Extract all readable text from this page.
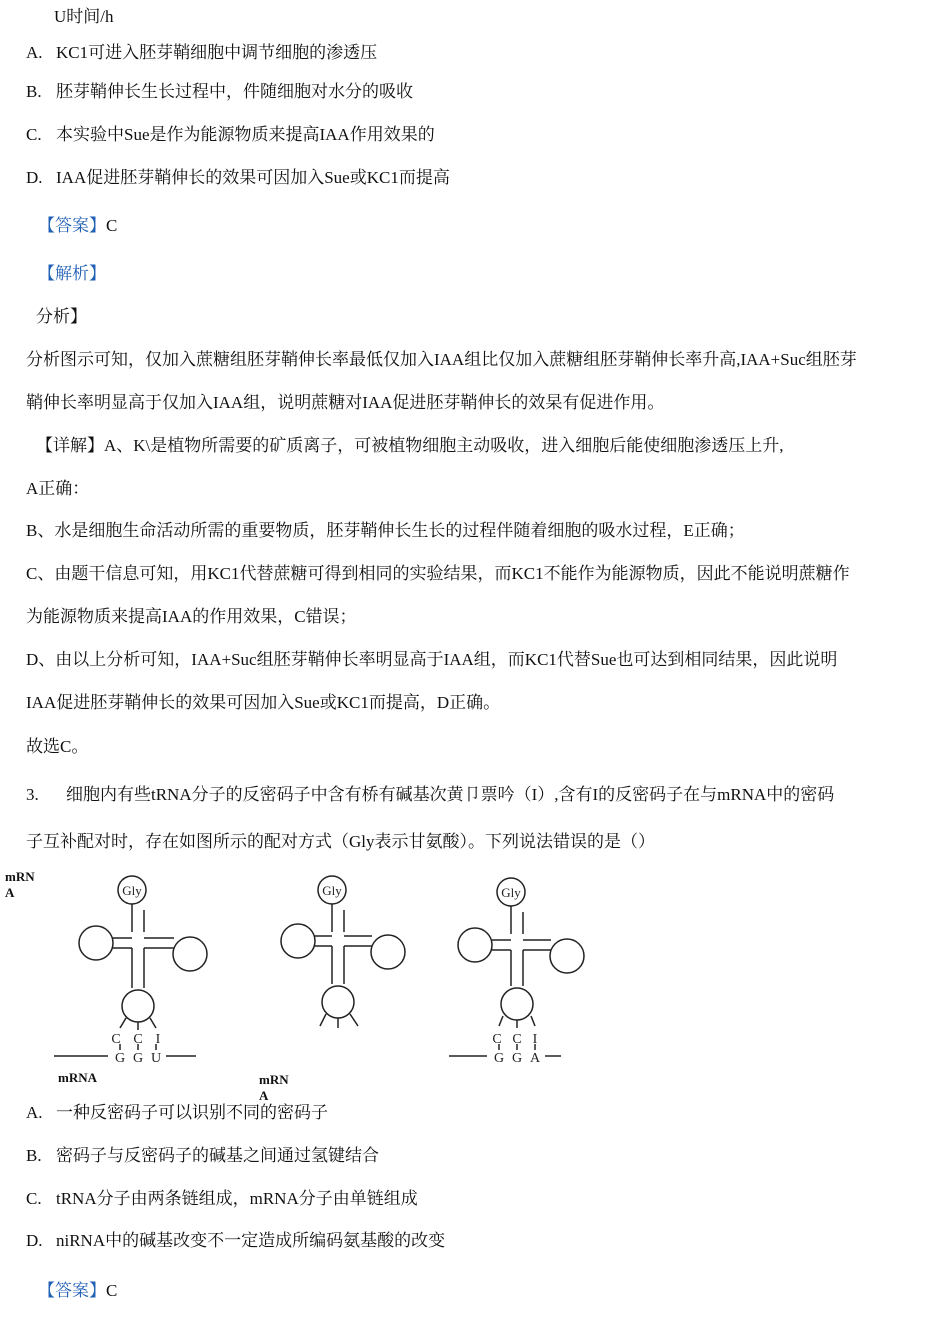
U时间/h
A. KC1可进入胚芽鞘细胞中调节细胞的渗透压
B. 胚芽鞘伸长生长过程中，件随细胞对水分的吸收
C. 本实验中Sue是作为能源物质来提高IAA作用效果的
D. IAA促进胚芽鞘伸长的效果可因加入Sue或KC1而提高
【答案】C
【解析】
分析】
分析图示可知，仅加入蔗糖组胚芽鞘伸长率最低仅加入IAA组比仅加入蔗糖组胚芽鞘伸长率升高,IAA+Suc组胚芽
鞘伸长率明显高于仅加入IAA组，说明蔗糖对IAA促进胚芽鞘伸长的效杲有促进作用。
【详解】A、K\是植物所需要的矿质离子，可被植物细胞主动吸收，进入细胞后能使细胞渗透压上升,
A正确：
B、水是细胞生命活动所需的重要物质，胚芽鞘伸长生长的过程伴随着细胞的吸水过程，E正确；
C、由题干信息可知，用KC1代替蔗糖可得到相同的实验结果，而KC1不能作为能源物质，因此不能说明蔗糖作
为能源物质来提高IAA的作用效果，C错误；
D、由以上分析可知，IAA+Suc组胚芽鞘伸长率明显高于IAA组，而KC1代替Sue也可达到相同结果，因此说明
IAA促进胚芽鞘伸长的效果可因加入Sue或KC1而提高，D正确。
故选C。
3. 细胞内有些tRNA分子的反密码子中含有桥有碱基次黄卩票吟（I）,含有I的反密码子在与mRNA中的密码
子互补配对时，存在如图所示的配对方式（Gly表示甘氨酸）。下列说法错误的是（）
mRN
A	Gly
C C I
G G U
mRNA
Gly
mRN
A
Gly
C C I
G G A
A. 一种反密码子可以识别不同的密码子
B. 密码子与反密码子的碱基之间通过氢键结合
C. tRNA分子由两条链组成，mRNA分子由单链组成
D. niRNA中的碱基改变不一定造成所编码氨基酸的改变
【答案】C
